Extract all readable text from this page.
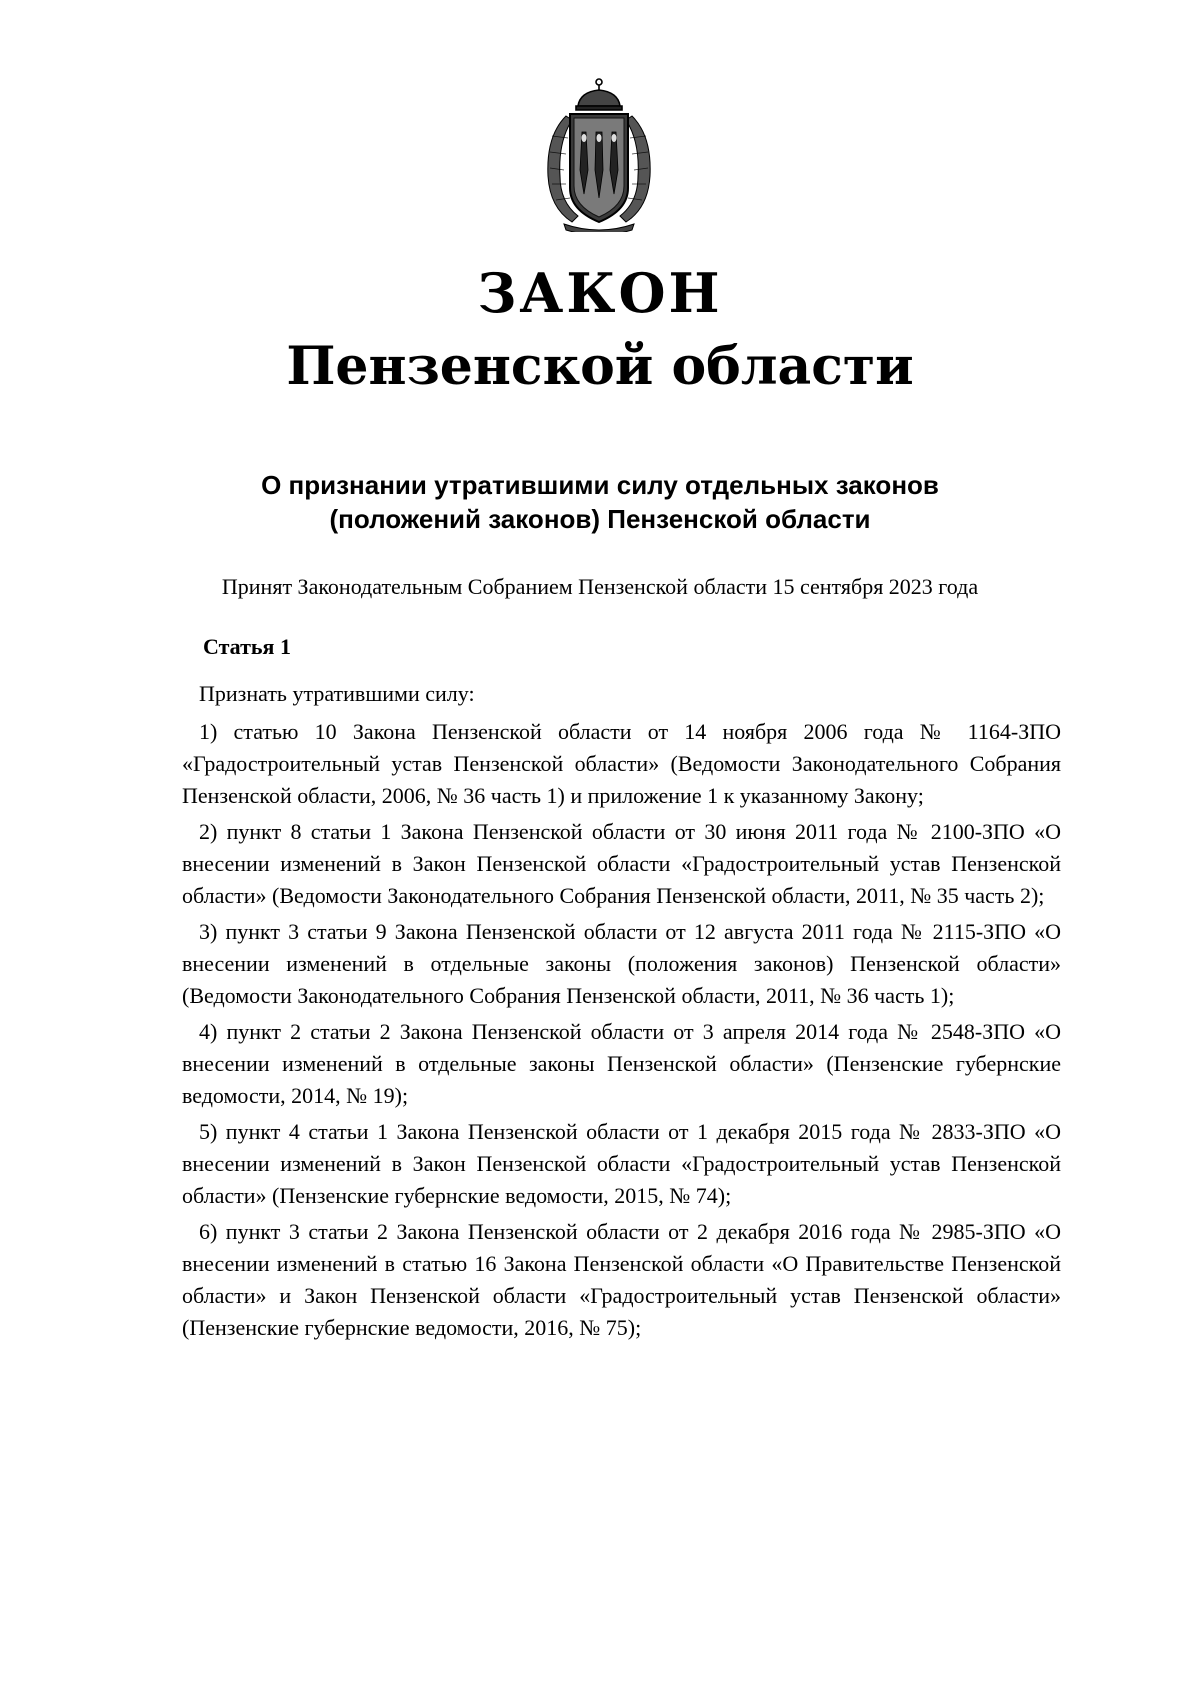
ЗАКОН
Пензенской области
О признании утратившими силу отдельных законов
(положений законов) Пензенской области
Принят Законодательным Собранием Пензенской области 15 сентября 2023 года
Статья 1

Признать утратившими силу:

1) статью 10 Закона Пензенской области от 14 ноября 2006 года № 1164-ЗПО «Градостроительный устав Пензенской области» (Ведомости Законодательного Собрания Пензенской области, 2006, № 36 часть 1) и приложение 1 к указанному Закону;

2) пункт 8 статьи 1 Закона Пензенской области от 30 июня 2011 года № 2100-ЗПО «О внесении изменений в Закон Пензенской области «Градостроительный устав Пензенской области» (Ведомости Законодательного Собрания Пензенской области, 2011, № 35 часть 2);

3) пункт 3 статьи 9 Закона Пензенской области от 12 августа 2011 года № 2115-ЗПО «О внесении изменений в отдельные законы (положения законов) Пензенской области» (Ведомости Законодательного Собрания Пензенской области, 2011, № 36 часть 1);

4) пункт 2 статьи 2 Закона Пензенской области от 3 апреля 2014 года № 2548-ЗПО «О внесении изменений в отдельные законы Пензенской области» (Пензенские губернские ведомости, 2014, № 19);

5) пункт 4 статьи 1 Закона Пензенской области от 1 декабря 2015 года № 2833-ЗПО «О внесении изменений в Закон Пензенской области «Градостроительный устав Пензенской области» (Пензенские губернские ведомости, 2015, № 74);

6) пункт 3 статьи 2 Закона Пензенской области от 2 декабря 2016 года № 2985-ЗПО «О внесении изменений в статью 16 Закона Пензенской области «О Правительстве Пензенской области» и Закон Пензенской области «Градостроительный устав Пензенской области» (Пензенские губернские ведомости, 2016, № 75);
